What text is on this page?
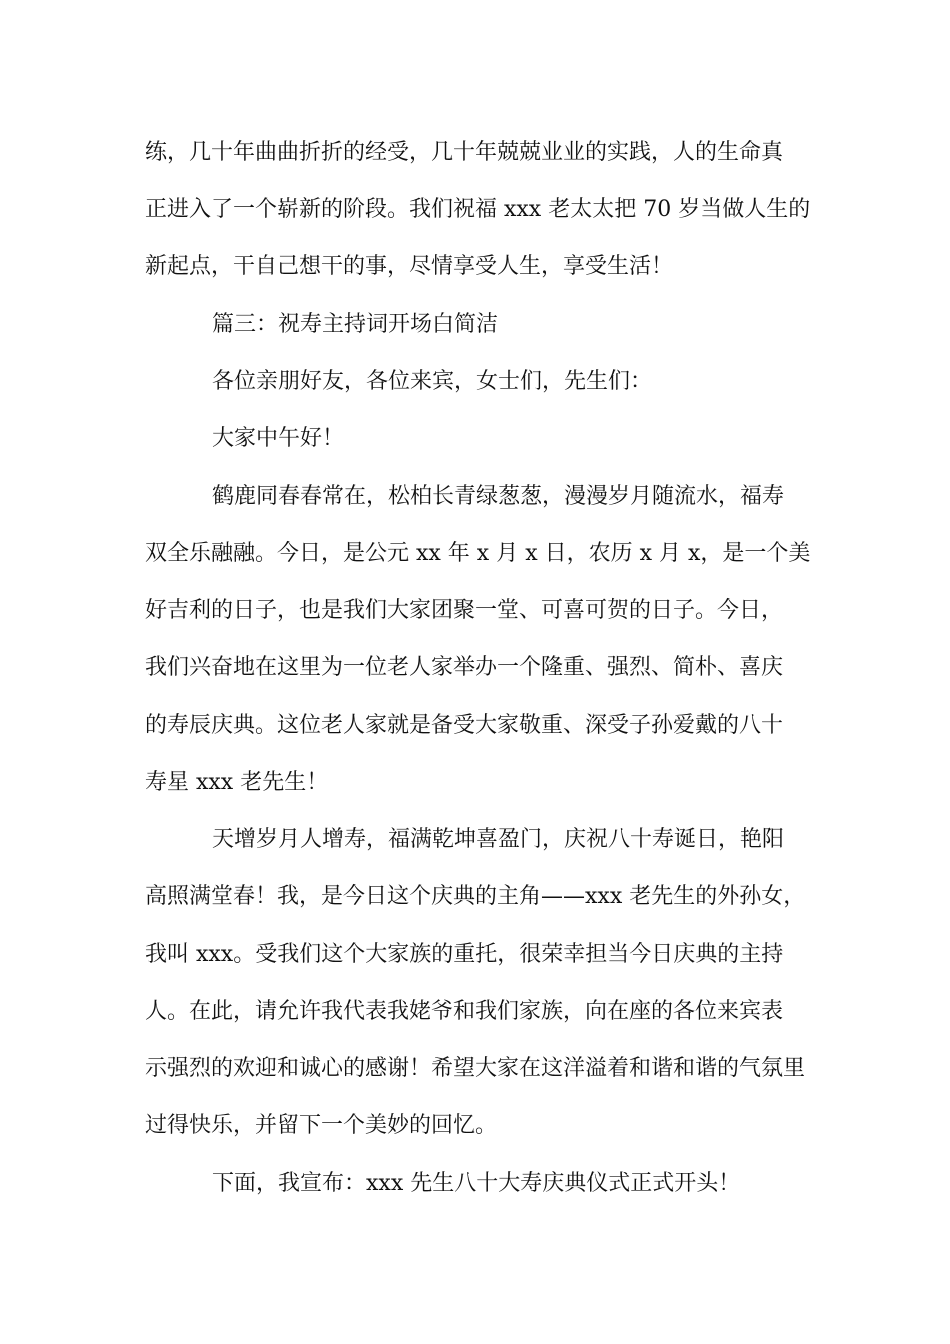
练，几十年曲曲折折的经受，几十年兢兢业业的实践，人的生命真
正进入了一个崭新的阶段。我们祝福 xxx 老太太把 70 岁当做人生的
新起点，干自己想干的事，尽情享受人生，享受生活！
篇三：祝寿主持词开场白简洁
各位亲朋好友，各位来宾，女士们，先生们：
大家中午好！
鹤鹿同春春常在，松柏长青绿葱葱，漫漫岁月随流水，福寿
双全乐融融。今日，是公元 xx 年 x 月 x 日，农历 x 月 x，是一个美
好吉利的日子，也是我们大家团聚一堂、可喜可贺的日子。今日，
我们兴奋地在这里为一位老人家举办一个隆重、强烈、简朴、喜庆
的寿辰庆典。这位老人家就是备受大家敬重、深受子孙爱戴的八十
寿星 xxx 老先生！
天增岁月人增寿，福满乾坤喜盈门，庆祝八十寿诞日，艳阳
高照满堂春！我，是今日这个庆典的主角——xxx 老先生的外孙女，
我叫 xxx。受我们这个大家族的重托，很荣幸担当今日庆典的主持
人。在此，请允许我代表我姥爷和我们家族，向在座的各位来宾表
示强烈的欢迎和诚心的感谢！希望大家在这洋溢着和谐和谐的气氛里
过得快乐，并留下一个美妙的回忆。
下面，我宣布：xxx 先生八十大寿庆典仪式正式开头！
